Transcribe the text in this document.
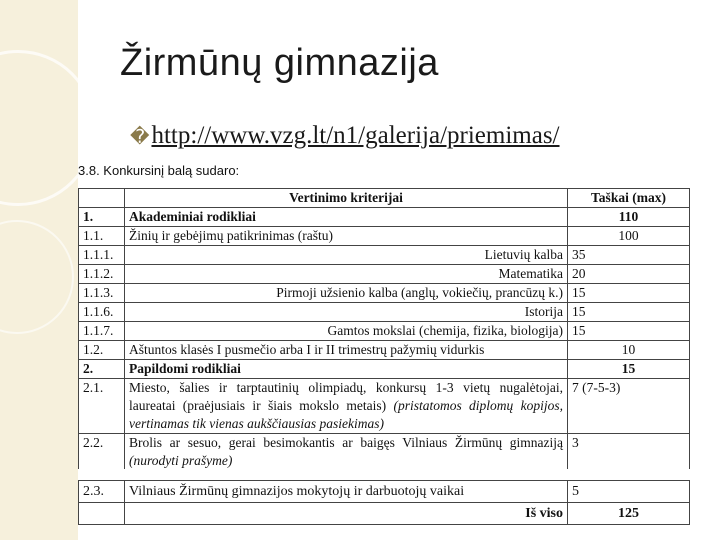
Žirmūnų gimnazija
�http://www.vzg.lt/n1/galerija/priemimas/
3.8. Konkursinį balą sudaro:
	Vertinimo kriterijai	Taškai (max)
1.	Akademiniai rodikliai	110
1.1.	Žinių ir gebėjimų patikrinimas (raštu)	100
1.1.1.	Lietuvių kalba	35
1.1.2.	Matematika	20
1.1.3.	Pirmoji užsienio kalba (anglų, vokiečių, prancūzų k.)	15
1.1.6.	Istorija	15
1.1.7.	Gamtos mokslai (chemija, fizika, biologija)	15
1.2.	Aštuntos klasės I pusmečio arba I ir II trimestrų pažymių vidurkis	10
2.	Papildomi rodikliai	15
2.1.	Miesto, šalies ir tarptautinių olimpiadų, konkursų 1-3 vietų nugalėtojai, laureatai (praėjusiais ir šiais mokslo metais) (pristatomos diplomų kopijos, vertinamas tik vienas aukščiausias pasiekimas)	7 (7-5-3)
2.2.	Brolis ar sesuo, gerai besimokantis ar baigęs Vilniaus Žirmūnų gimnaziją (nurodyti prašyme)	3
2.3.	Vilniaus Žirmūnų gimnazijos mokytojų ir darbuotojų vaikai	5
	Iš viso	125
